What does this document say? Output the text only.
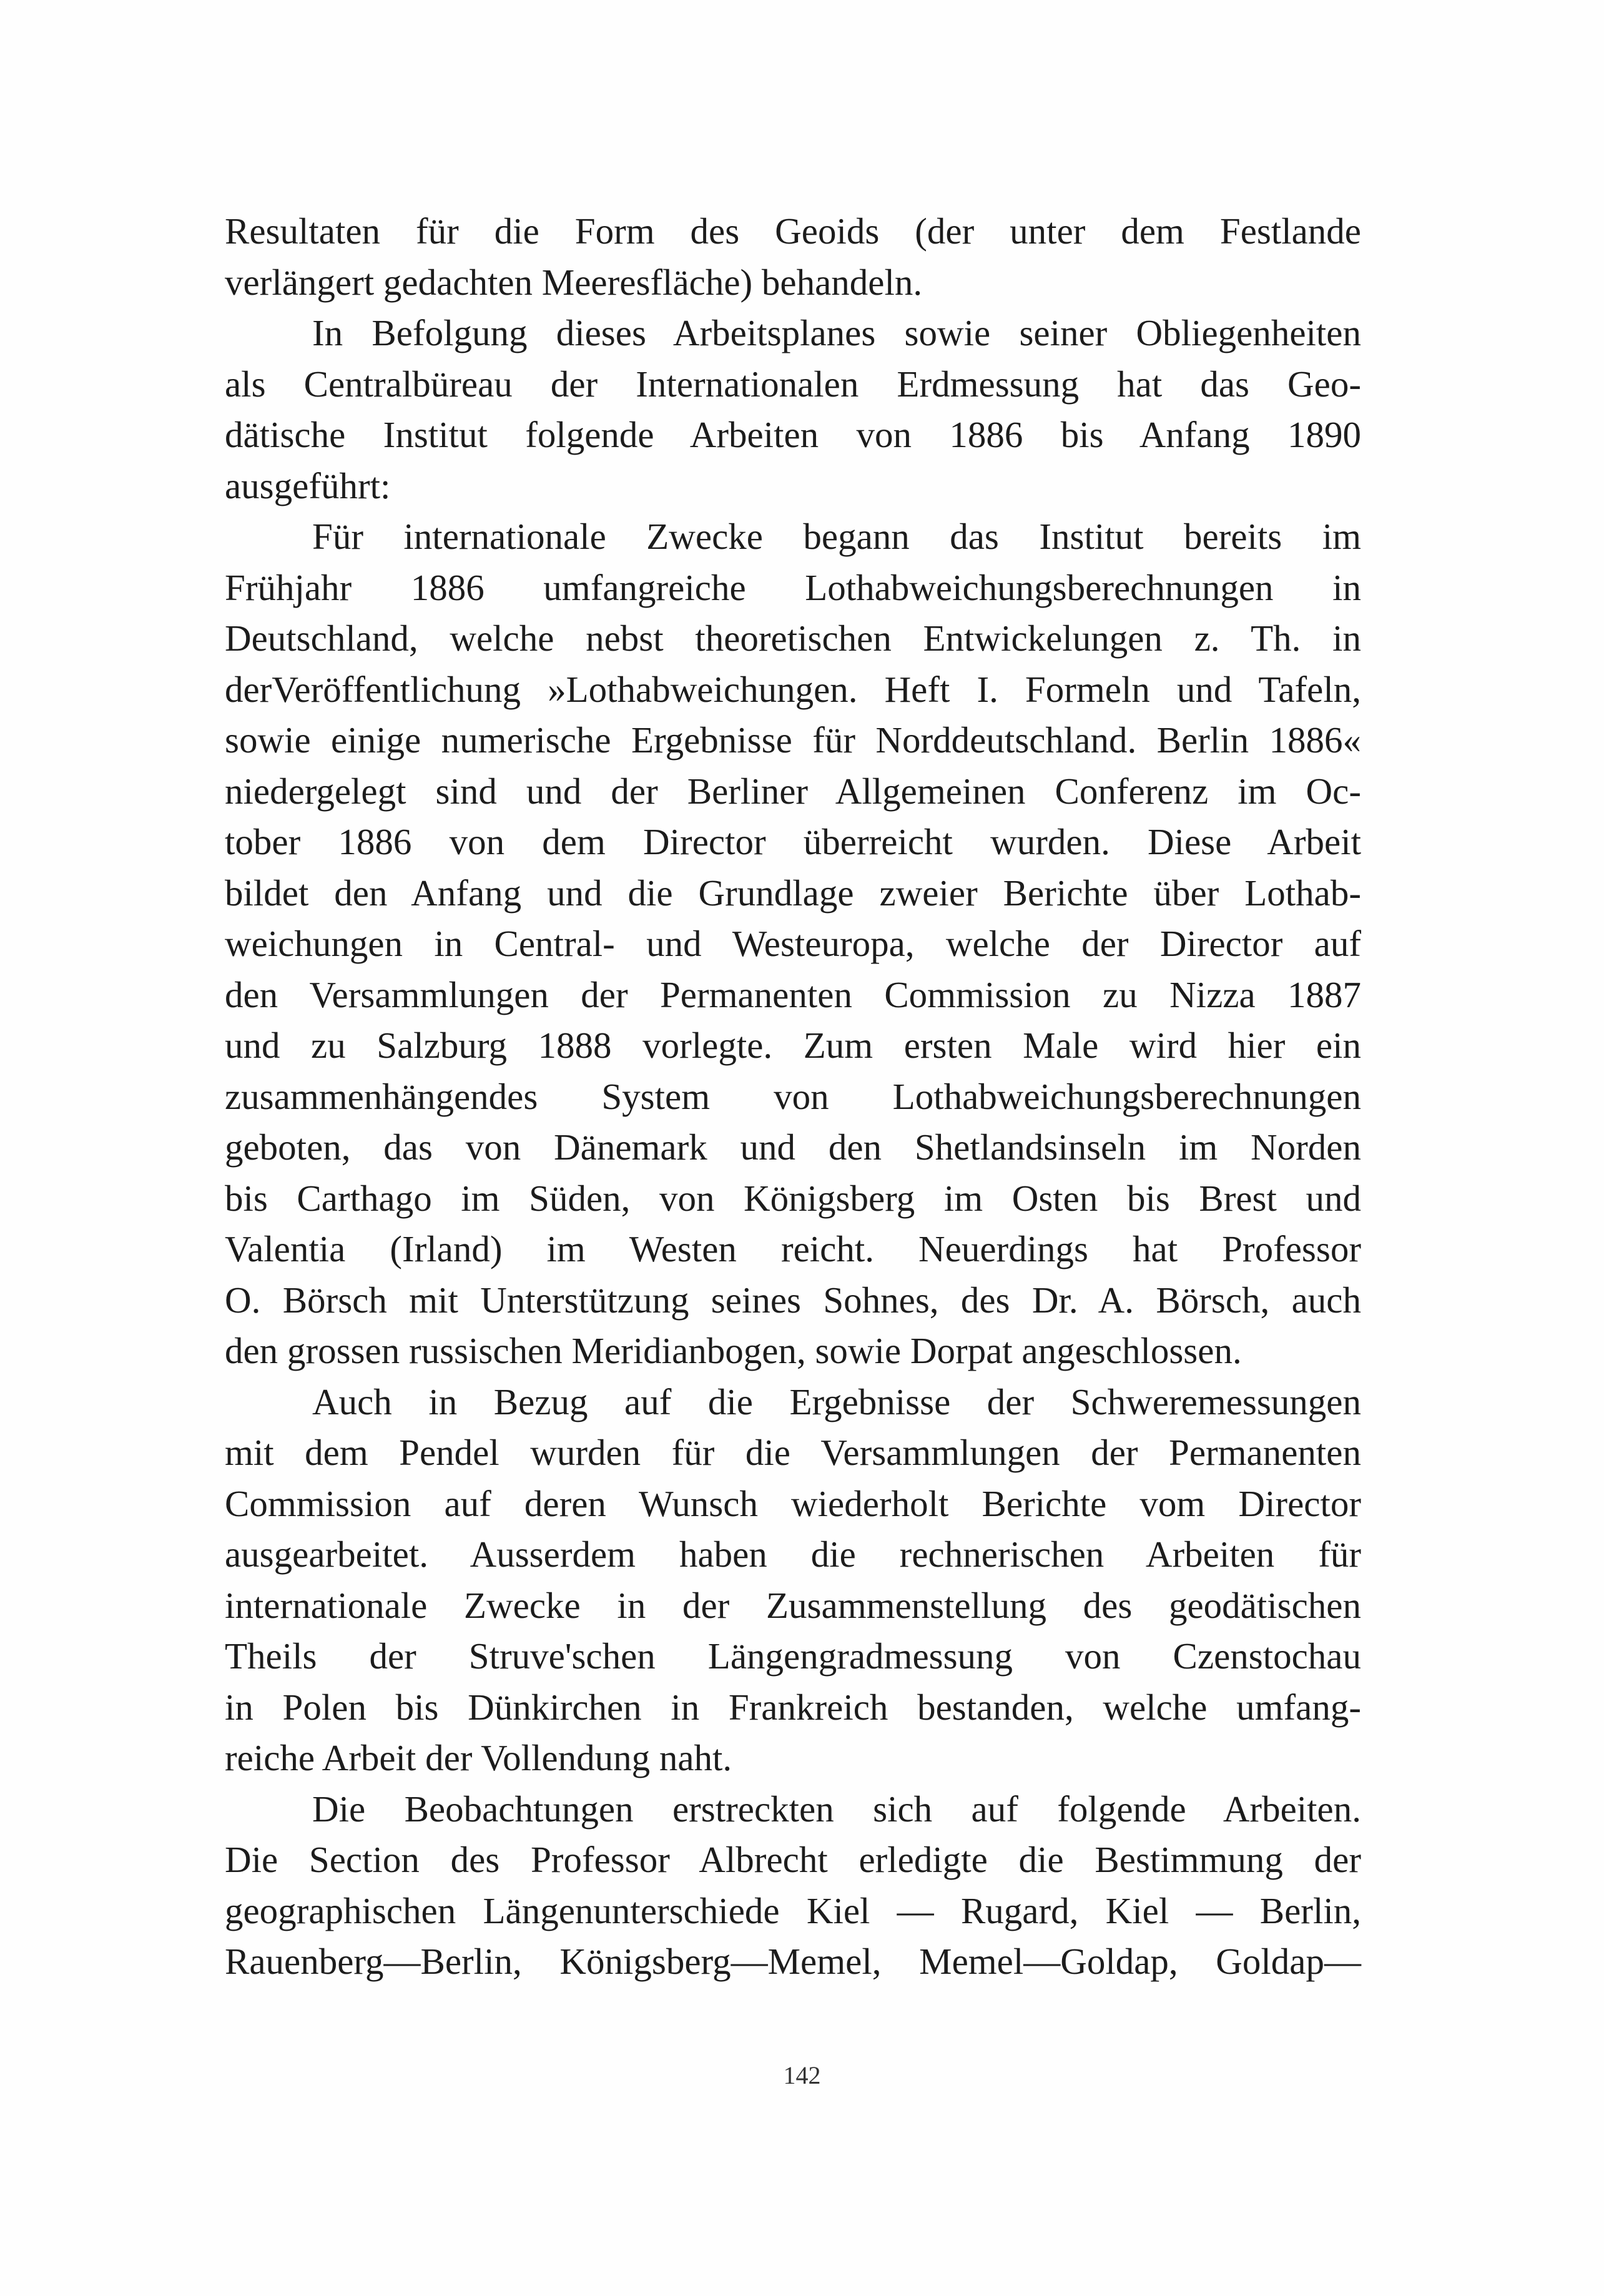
Resultaten für die Form des Geoids (der unter dem Festlande
verlängert gedachten Meeresfläche) behandeln.
In Befolgung dieses Arbeitsplanes sowie seiner Obliegenheiten
als Centralbüreau der Internationalen Erdmessung hat das Geo-
dätische Institut folgende Arbeiten von 1886 bis Anfang 1890
ausgeführt:
Für internationale Zwecke begann das Institut bereits im
Frühjahr 1886 umfangreiche Lothabweichungsberechnungen in
Deutschland, welche nebst theoretischen Entwickelungen z. Th. in
derVeröffentlichung »Lothabweichungen. Heft I. Formeln und Tafeln,
sowie einige numerische Ergebnisse für Norddeutschland. Berlin 1886«
niedergelegt sind und der Berliner Allgemeinen Conferenz im Oc-
tober 1886 von dem Director überreicht wurden. Diese Arbeit
bildet den Anfang und die Grundlage zweier Berichte über Lothab-
weichungen in Central- und Westeuropa, welche der Director auf
den Versammlungen der Permanenten Commission zu Nizza 1887
und zu Salzburg 1888 vorlegte. Zum ersten Male wird hier ein
zusammenhängendes System von Lothabweichungsberechnungen
geboten, das von Dänemark und den Shetlandsinseln im Norden
bis Carthago im Süden, von Königsberg im Osten bis Brest und
Valentia (Irland) im Westen reicht. Neuerdings hat Professor
O. Börsch mit Unterstützung seines Sohnes, des Dr. A. Börsch, auch
den grossen russischen Meridianbogen, sowie Dorpat angeschlossen.
Auch in Bezug auf die Ergebnisse der Schweremessungen
mit dem Pendel wurden für die Versammlungen der Permanenten
Commission auf deren Wunsch wiederholt Berichte vom Director
ausgearbeitet. Ausserdem haben die rechnerischen Arbeiten für
internationale Zwecke in der Zusammenstellung des geodätischen
Theils der Struve'schen Längengradmessung von Czenstochau
in Polen bis Dünkirchen in Frankreich bestanden, welche umfang-
reiche Arbeit der Vollendung naht.
Die Beobachtungen erstreckten sich auf folgende Arbeiten.
Die Section des Professor Albrecht erledigte die Bestimmung der
geographischen Längenunterschiede Kiel — Rugard, Kiel — Berlin,
Rauenberg—Berlin, Königsberg—Memel, Memel—Goldap, Goldap—
142
